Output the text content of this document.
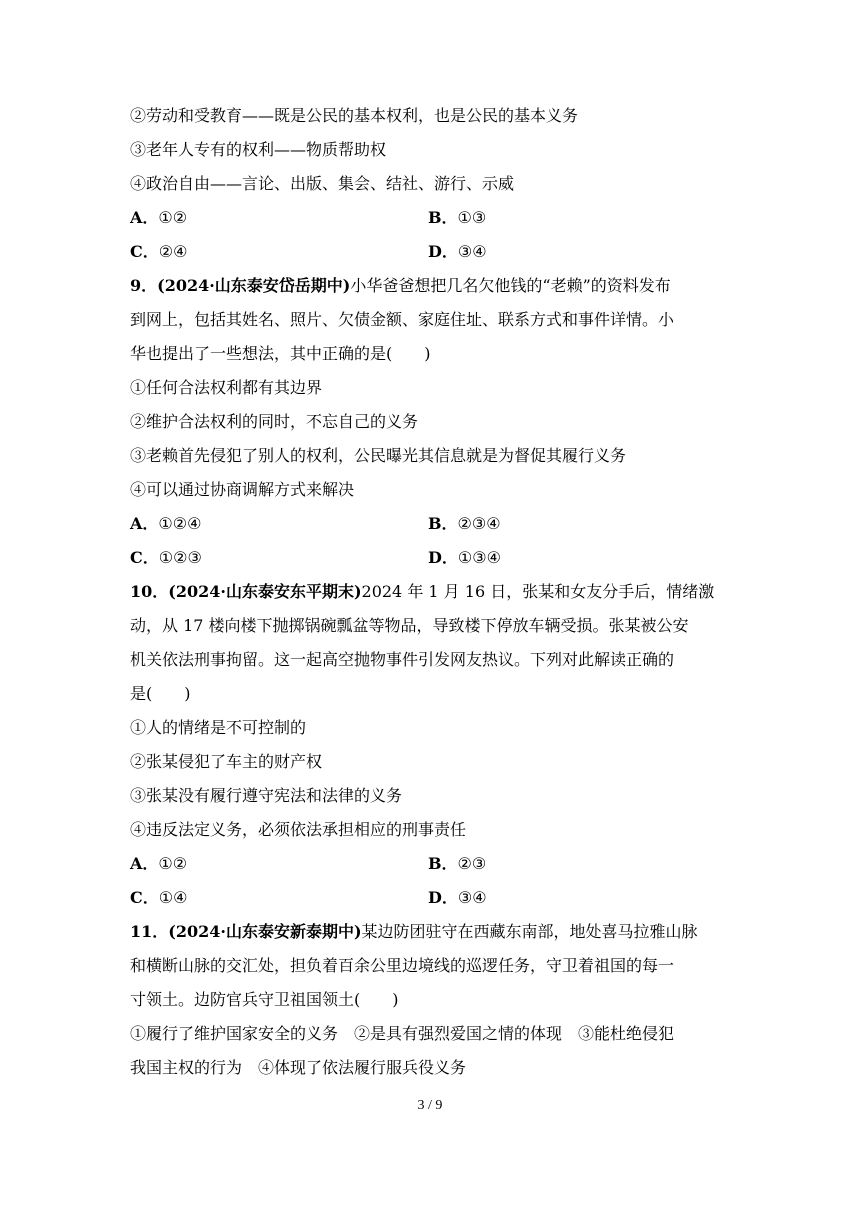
②劳动和受教育——既是公民的基本权利，也是公民的基本义务
③老年人专有的权利——物质帮助权
④政治自由——言论、出版、集会、结社、游行、示威
A．①②	B．①③
C．②④	D．③④
9．(2024·山东泰安岱岳期中)小华爸爸想把几名欠他钱的“老赖”的资料发布
到网上，包括其姓名、照片、欠债金额、家庭住址、联系方式和事件详情。小
华也提出了一些想法，其中正确的是(　　)
①任何合法权利都有其边界
②维护合法权利的同时，不忘自己的义务
③老赖首先侵犯了别人的权利，公民曝光其信息就是为督促其履行义务
④可以通过协商调解方式来解决
A．①②④	B．②③④
C．①②③	D．①③④
10．(2024·山东泰安东平期末)2024 年 1 月 16 日，张某和女友分手后，情绪激
动，从 17 楼向楼下抛掷锅碗瓢盆等物品，导致楼下停放车辆受损。张某被公安
机关依法刑事拘留。这一起高空抛物事件引发网友热议。下列对此解读正确的
是(　　)
①人的情绪是不可控制的
②张某侵犯了车主的财产权
③张某没有履行遵守宪法和法律的义务
④违反法定义务，必须依法承担相应的刑事责任
A．①②	B．②③
C．①④	D．③④
11．(2024·山东泰安新泰期中)某边防团驻守在西藏东南部，地处喜马拉雅山脉
和横断山脉的交汇处，担负着百余公里边境线的巡逻任务，守卫着祖国的每一
寸领土。边防官兵守卫祖国领土(　　)
①履行了维护国家安全的义务　②是具有强烈爱国之情的体现　③能杜绝侵犯
我国主权的行为　④体现了依法履行服兵役义务
3 / 9
